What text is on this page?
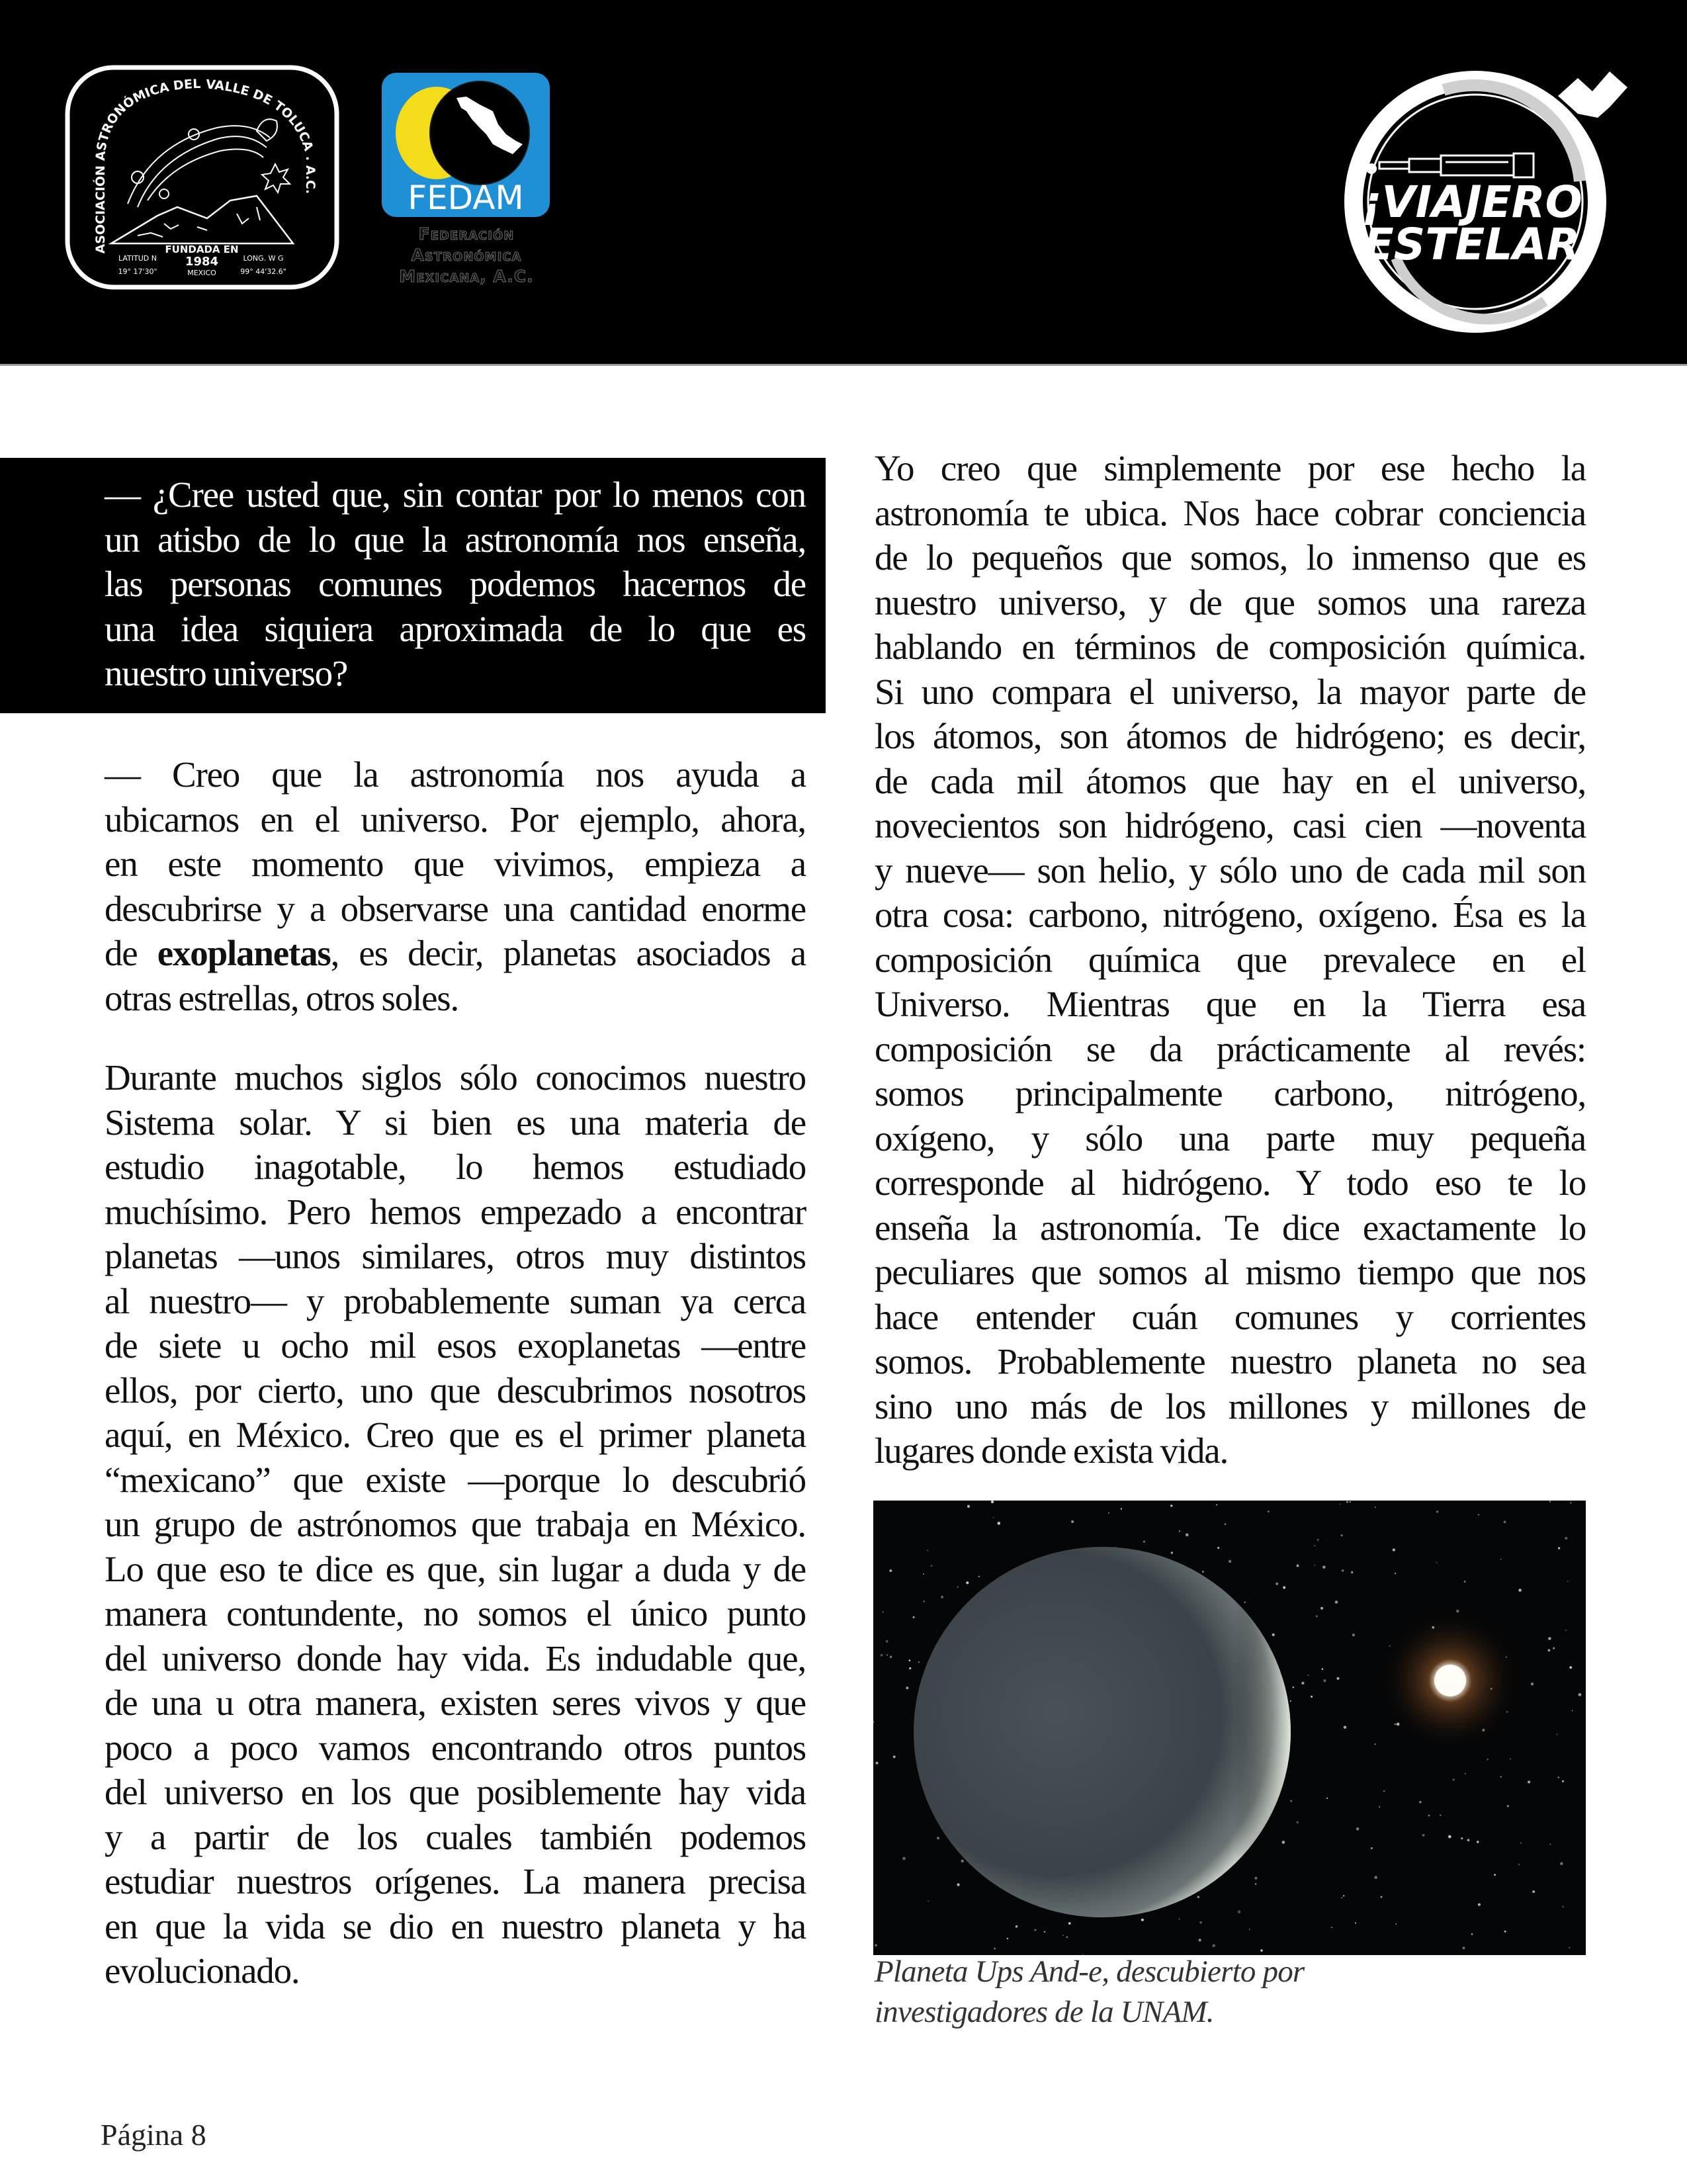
ASOCIACIÓN ASTRONÓMICA DEL VALLE DE TOLUCA . A.C.
FUNDADA EN
1984
MEXICO
LATITUD N
19° 17'30"
LONG. W G
99° 44'32.6"
FEDAM
Federación
Astronómica
Mexicana, A.C.
¡VIAJERO
ESTELAR
— ¿Cree usted que, sin contar por lo menos con
un atisbo de lo que la astronomía nos enseña,
las personas comunes podemos hacernos de
una idea siquiera aproximada de lo que es
nuestro universo?
— Creo que la astronomía nos ayuda a
ubicarnos en el universo. Por ejemplo, ahora,
en este momento que vivimos, empieza a
descubrirse y a observarse una cantidad enorme
de exoplanetas, es decir, planetas asociados a
otras estrellas, otros soles.
Durante muchos siglos sólo conocimos nuestro
Sistema solar. Y si bien es una materia de
estudio inagotable, lo hemos estudiado
muchísimo. Pero hemos empezado a encontrar
planetas —unos similares, otros muy distintos
al nuestro— y probablemente suman ya cerca
de siete u ocho mil esos exoplanetas —entre
ellos, por cierto, uno que descubrimos nosotros
aquí, en México. Creo que es el primer planeta
“mexicano” que existe —porque lo descubrió
un grupo de astrónomos que trabaja en México.
Lo que eso te dice es que, sin lugar a duda y de
manera contundente, no somos el único punto
del universo donde hay vida. Es indudable que,
de una u otra manera, existen seres vivos y que
poco a poco vamos encontrando otros puntos
del universo en los que posiblemente hay vida
y a partir de los cuales también podemos
estudiar nuestros orígenes. La manera precisa
en que la vida se dio en nuestro planeta y ha
evolucionado.
Yo creo que simplemente por ese hecho la
astronomía te ubica. Nos hace cobrar conciencia
de lo pequeños que somos, lo inmenso que es
nuestro universo, y de que somos una rareza
hablando en términos de composición química.
Si uno compara el universo, la mayor parte de
los átomos, son átomos de hidrógeno; es decir,
de cada mil átomos que hay en el universo,
novecientos son hidrógeno, casi cien —noventa
y nueve— son helio, y sólo uno de cada mil son
otra cosa: carbono, nitrógeno, oxígeno. Ésa es la
composición química que prevalece en el
Universo. Mientras que en la Tierra esa
composición se da prácticamente al revés:
somos principalmente carbono, nitrógeno,
oxígeno, y sólo una parte muy pequeña
corresponde al hidrógeno. Y todo eso te lo
enseña la astronomía. Te dice exactamente lo
peculiares que somos al mismo tiempo que nos
hace entender cuán comunes y corrientes
somos. Probablemente nuestro planeta no sea
sino uno más de los millones y millones de
lugares donde exista vida.
Planeta Ups And-e, descubierto por
investigadores de la UNAM.
Página 8
